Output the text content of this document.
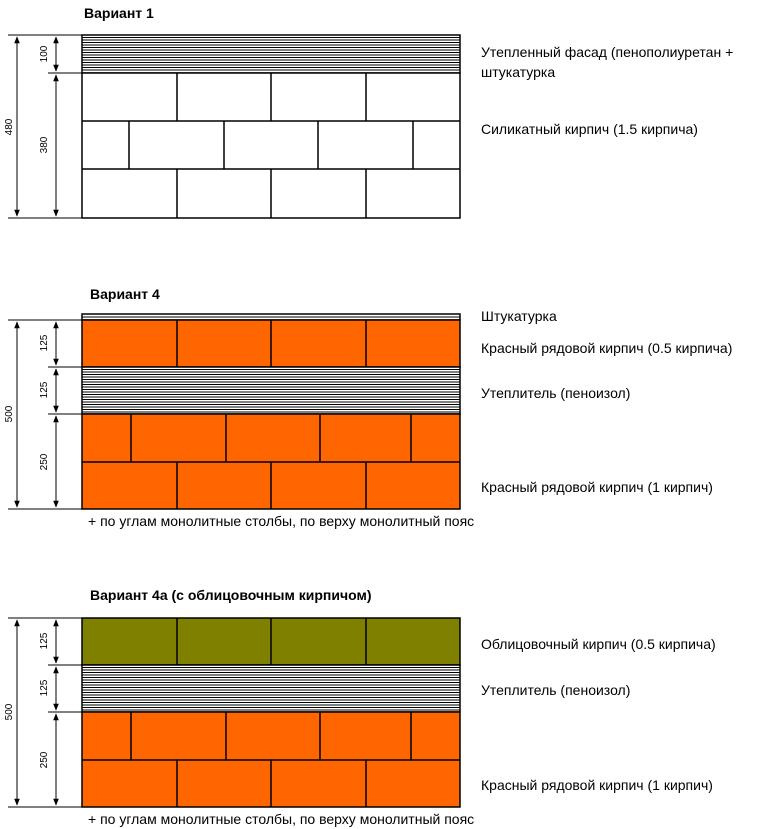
Вариант 1
480
100
380
Утепленный фасад (пенополиуретан +
штукатурка
Силикатный кирпич (1.5 кирпича)
Вариант 4
500
125
125
250
Штукатурка
Красный рядовой кирпич (0.5 кирпича)
Утеплитель (пеноизол)
Красный рядовой кирпич (1 кирпич)
+ по углам монолитные столбы, по верху монолитный пояс
Вариант 4а (с облицовочным кирпичом)
500
125
125
250
Облицовочный кирпич (0.5 кирпича)
Утеплитель (пеноизол)
Красный рядовой кирпич (1 кирпич)
+ по углам монолитные столбы, по верху монолитный пояс
